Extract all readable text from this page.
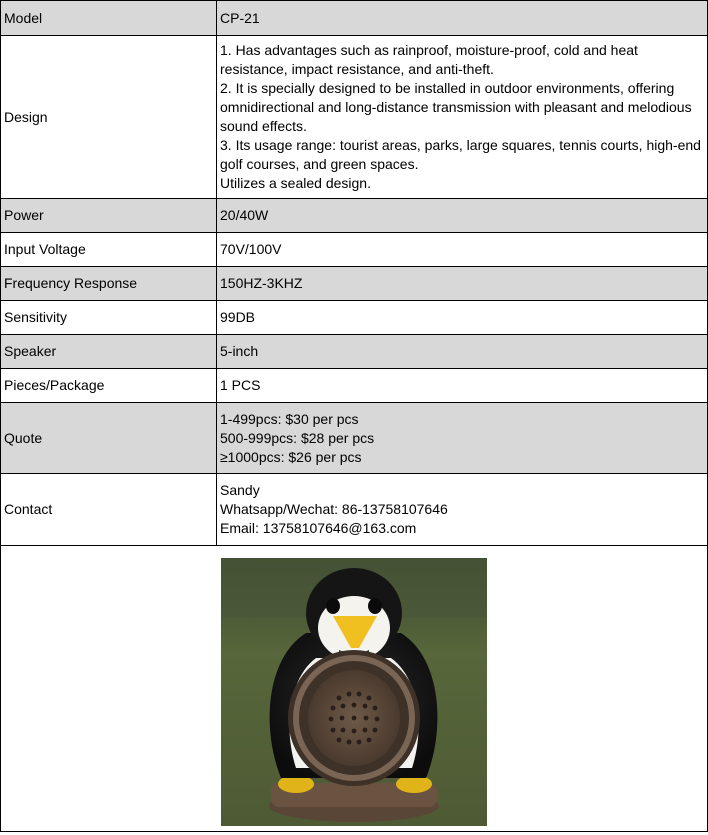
Model	CP-21

Design	1. Has advantages such as rainproof, moisture-proof, cold and heat resistance, impact resistance, and anti-theft.
2. It is specially designed to be installed in outdoor environments, offering omnidirectional and long-distance transmission with pleasant and melodious sound effects.
3. Its usage range: tourist areas, parks, large squares, tennis courts, high-end golf courses, and green spaces.
Utilizes a sealed design.

Power	20/40W

Input Voltage	70V/100V

Frequency Response	150HZ-3KHZ

Sensitivity	99DB

Speaker	5-inch

Pieces/Package	1 PCS

Quote	1-499pcs: $30 per pcs
500-999pcs: $28 per pcs
≥1000pcs: $26 per pcs

Contact	Sandy
Whatsapp/Wechat: 86-13758107646
Email: 13758107646@163.com
